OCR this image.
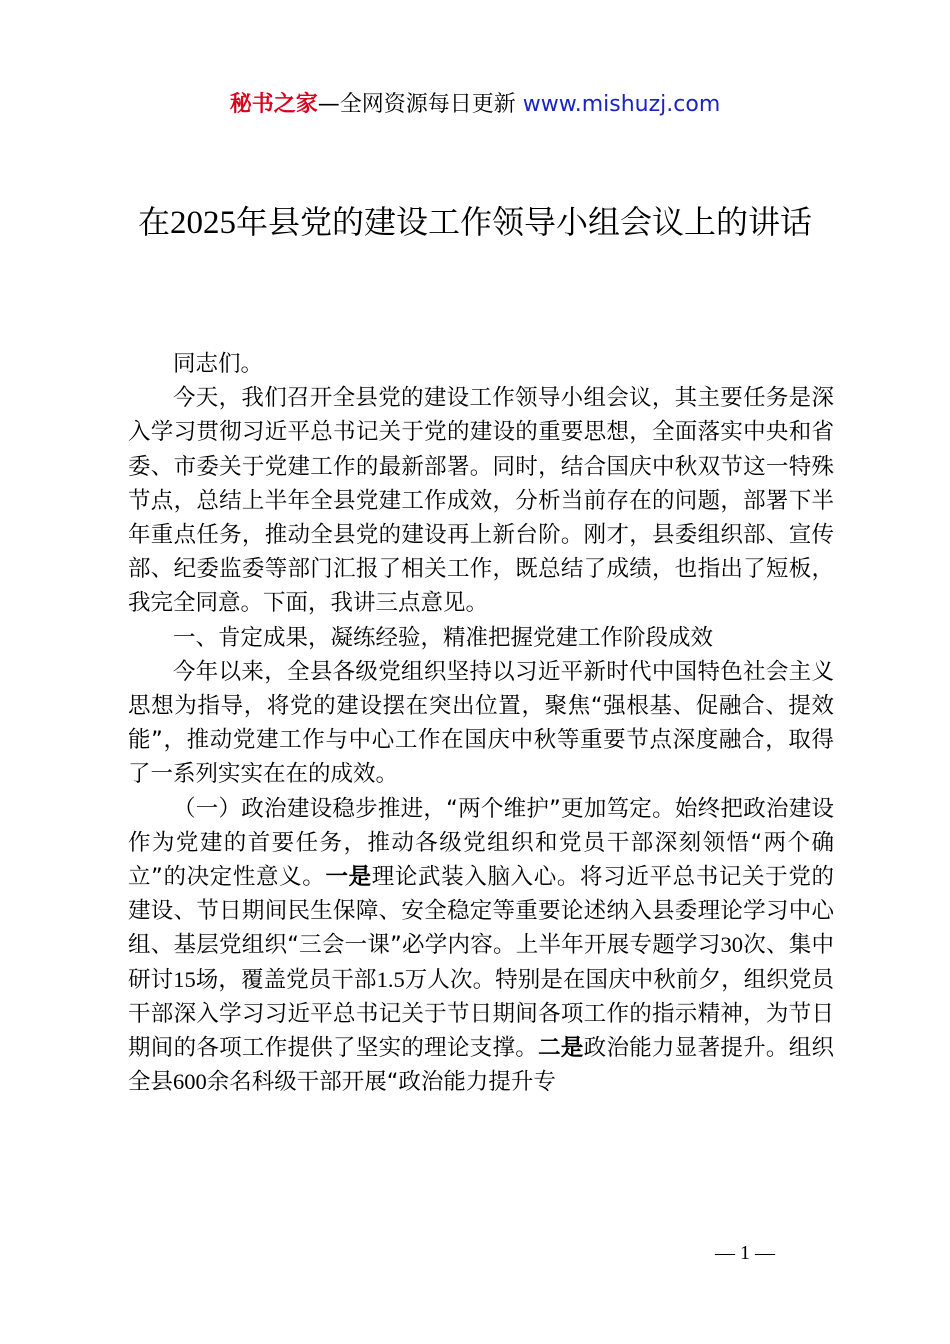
秘书之家—全网资源每日更新 www.mishuzj.com
在2025年县党的建设工作领导小组会议上的讲话

同志们。

今天，我们召开全县党的建设工作领导小组会议，其主要任务是深入学习贯彻习近平总书记关于党的建设的重要思想，全面落实中央和省委、市委关于党建工作的最新部署。同时，结合国庆中秋双节这一特殊节点，总结上半年全县党建工作成效，分析当前存在的问题，部署下半年重点任务，推动全县党的建设再上新台阶。刚才，县委组织部、宣传部、纪委监委等部门汇报了相关工作，既总结了成绩，也指出了短板，我完全同意。下面，我讲三点意见。

一、肯定成果，凝练经验，精准把握党建工作阶段成效

今年以来，全县各级党组织坚持以习近平新时代中国特色社会主义思想为指导，将党的建设摆在突出位置，聚焦“强根基、促融合、提效能”，推动党建工作与中心工作在国庆中秋等重要节点深度融合，取得了一系列实实在在的成效。

（一）政治建设稳步推进，“两个维护”更加笃定。始终把政治建设作为党建的首要任务，推动各级党组织和党员干部深刻领悟“两个确立”的决定性意义。一是理论武装入脑入心。将习近平总书记关于党的建设、节日期间民生保障、安全稳定等重要论述纳入县委理论学习中心组、基层党组织“三会一课”必学内容。上半年开展专题学习30次、集中研讨15场，覆盖党员干部1.5万人次。特别是在国庆中秋前夕，组织党员干部深入学习习近平总书记关于节日期间各项工作的指示精神，为节日期间的各项工作提供了坚实的理论支撑。二是政治能力显著提升。组织全县600余名科级干部开展“政治能力提升专

— 1 —
